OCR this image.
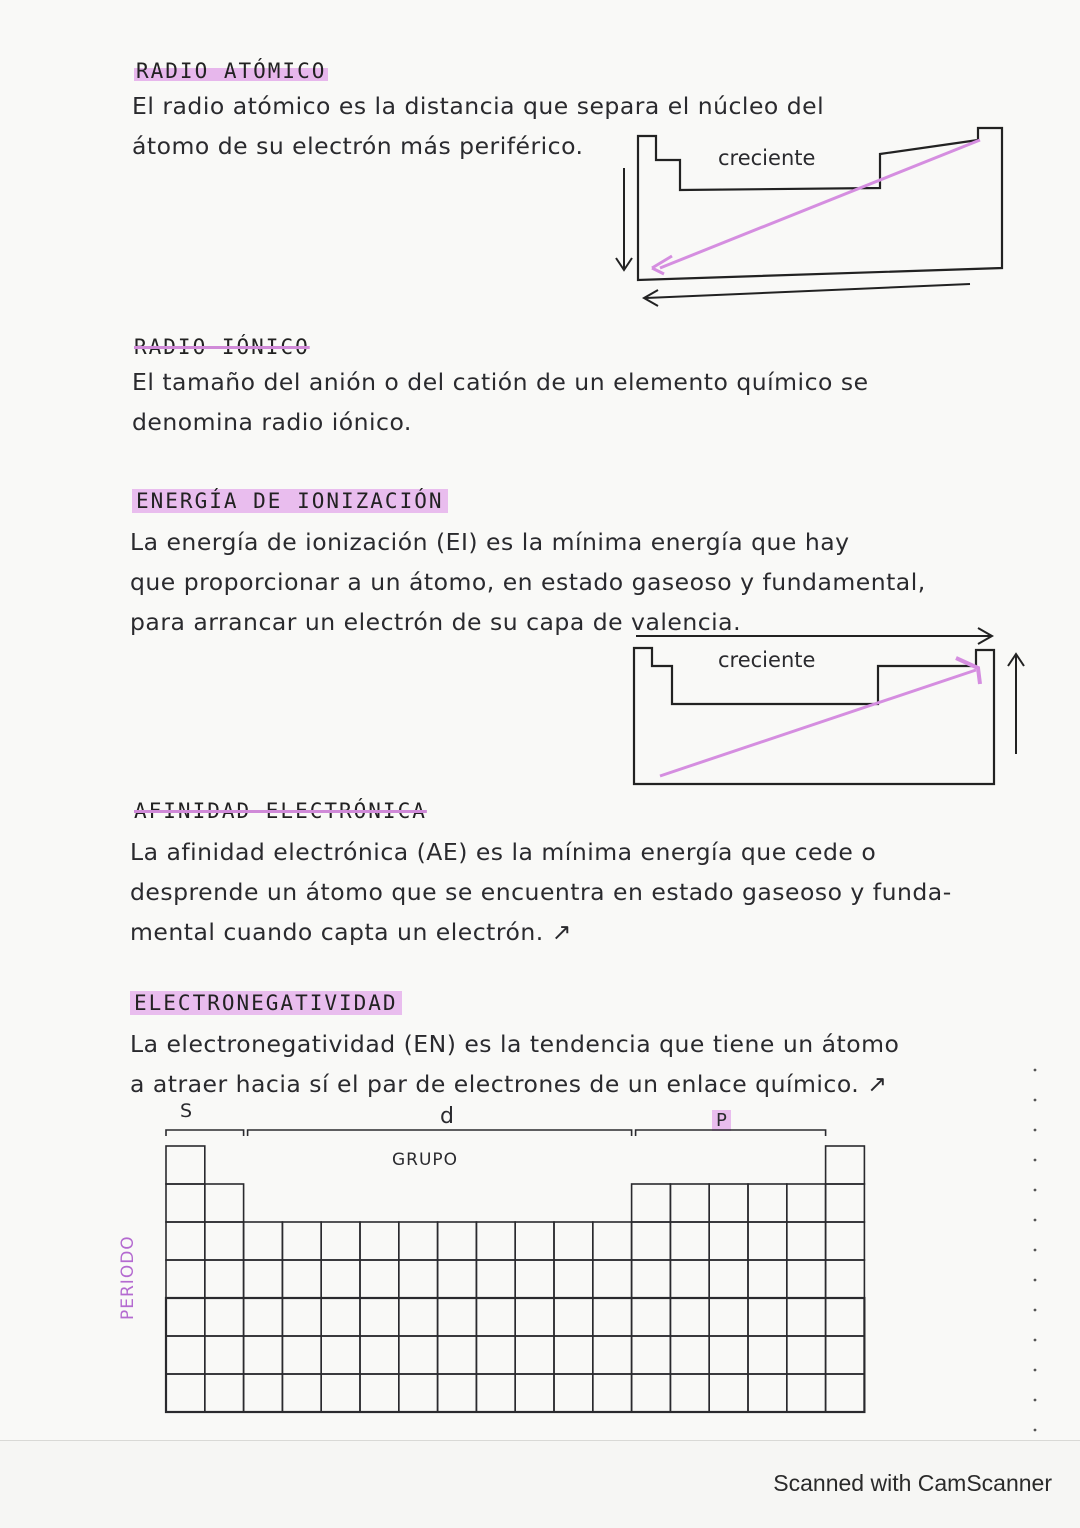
RADIO ATÓMICO
El radio atómico es la distancia que separa el núcleo del
átomo de su electrón más periférico.	creciente
RADIO IÓNICO
El tamaño del anión o del catión de un elemento químico se
denomina radio iónico.
ENERGÍA DE IONIZACIÓN
La energía de ionización (EI) es la mínima energía que hay
que proporcionar a un átomo, en estado gaseoso y fundamental,
para arrancar un electrón de su capa de valencia.
creciente
AFINIDAD ELECTRÓNICA
La afinidad electrónica (AE) es la mínima energía que cede o
desprende un átomo que se encuentra en estado gaseoso y funda-
mental cuando capta un electrón. ↗
ELECTRONEGATIVIDAD
La electronegatividad (EN) es la tendencia que tiene un átomo
a atraer hacia sí el par de electrones de un enlace químico. ↗
S	d	P
GRUPO
PERIODO
Scanned with CamScanner
